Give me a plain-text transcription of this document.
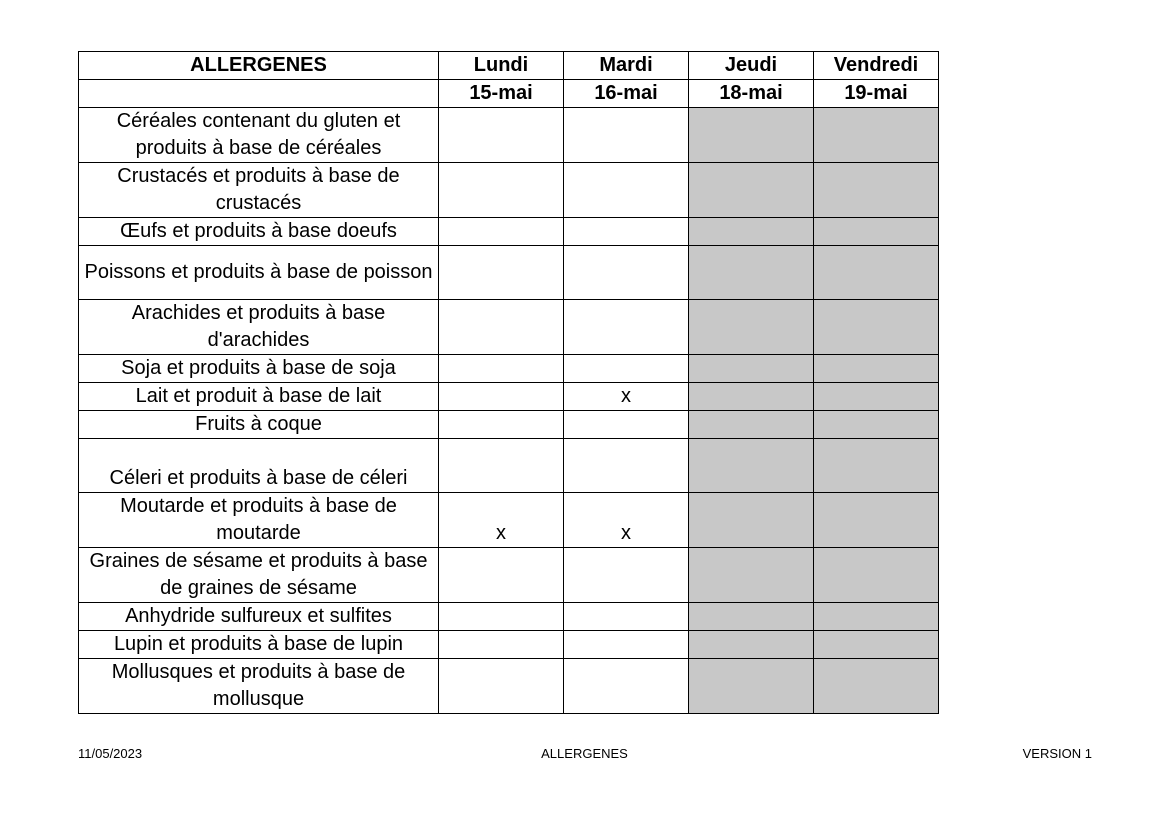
ALLERGENES	Lundi	Mardi	Jeudi	Vendredi
	15-mai	16-mai	18-mai	19-mai
Céréales contenant du gluten et produits à base de céréales				
Crustacés et produits à base de crustacés				
Œufs et produits à base doeufs				
Poissons et produits à base de poisson				
Arachides et produits à base d'arachides				
Soja et produits à base de soja				
Lait et produit à base de lait		x		
Fruits à coque				
Céleri et produits à base de céleri				
Moutarde et produits à base de moutarde	x	x		
Graines de sésame et produits à base de graines de sésame				
Anhydride sulfureux et sulfites				
Lupin et produits à base de lupin				
Mollusques et produits à base de mollusque				
11/05/2023	ALLERGENES	VERSION 1
